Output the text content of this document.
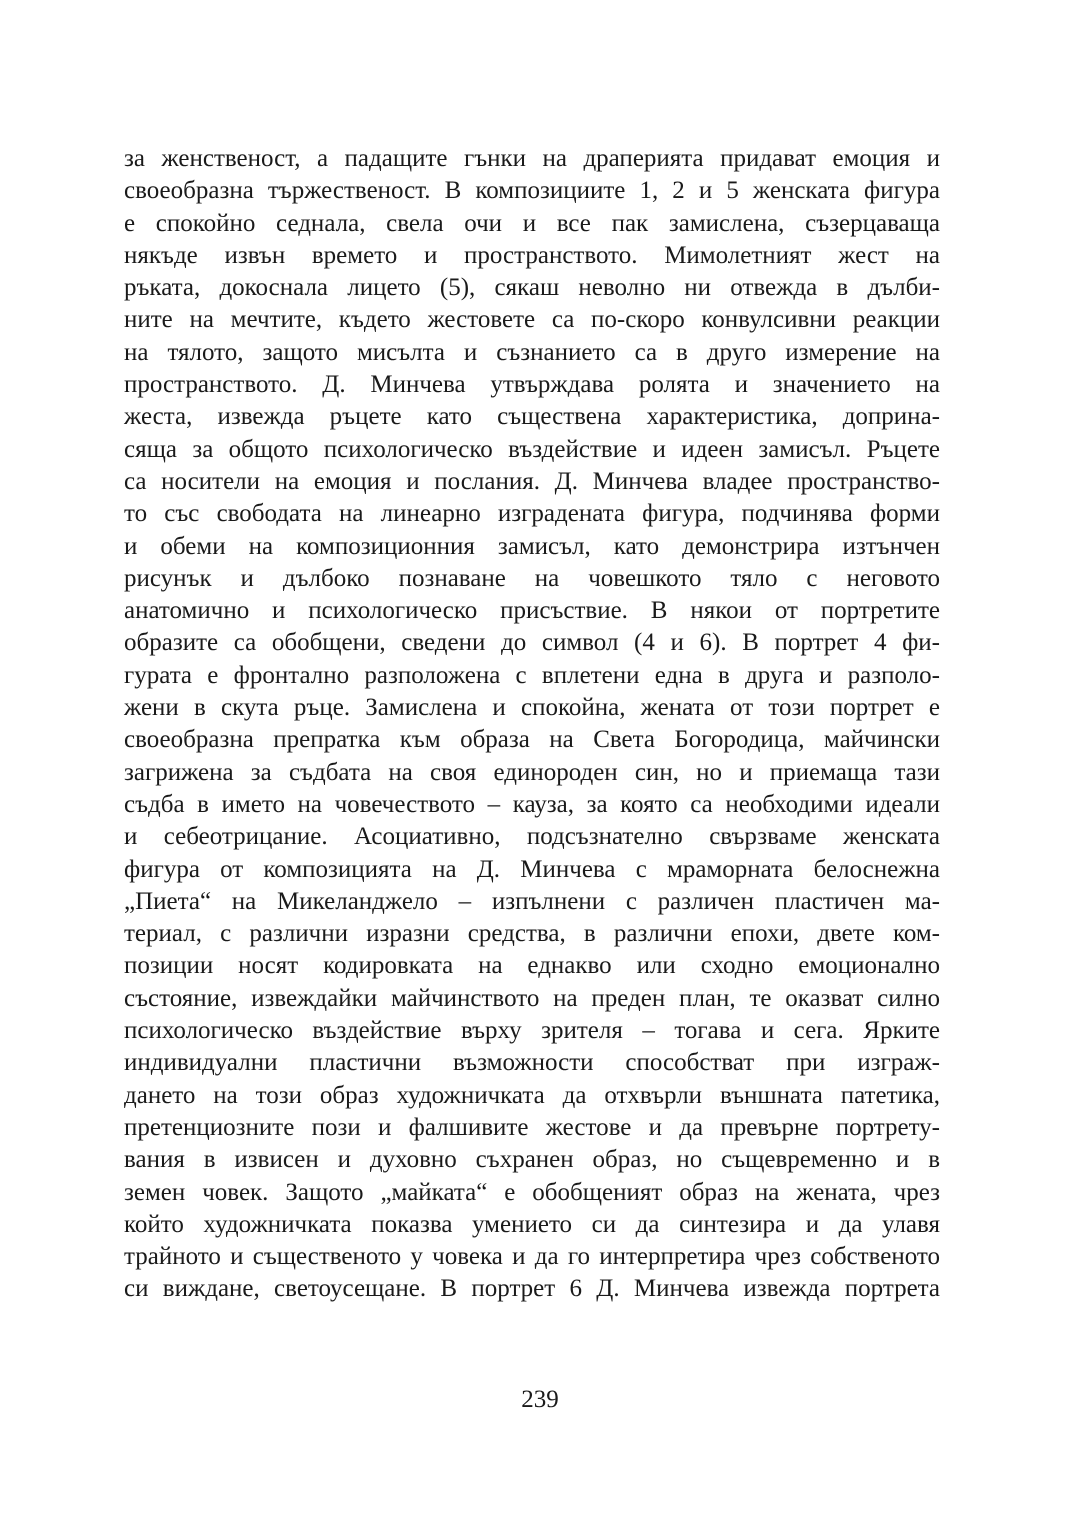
за женственост, а падащите гънки на драперията придават емоция и
своеобразна тържественост. В композициите 1, 2 и 5 женската фигура
е спокойно седнала, свела очи и все пак замислена, съзерцаваща
някъде извън времето и пространството. Мимолетният жест на
ръката, докоснала лицето (5), сякаш неволно ни отвежда в дълби-
ните на мечтите, където жестовете са по-скоро конвулсивни реакции
на тялото, защото мисълта и съзнанието са в друго измерение на
пространството. Д. Минчева утвърждава ролята и значението на
жеста, извежда ръцете като съществена характеристика, доприна-
сяща за общото психологическо въздействие и идеен замисъл. Ръцете
са носители на емоция и послания. Д. Минчева владее пространство-
то със свободата на линеарно изградената фигура, подчинява форми
и обеми на композиционния замисъл, като демонстрира изтънчен
рисунък и дълбоко познаване на човешкото тяло с неговото
анатомично и психологическо присъствие. В някои от портретите
образите са обобщени, сведени до символ (4 и 6). В портрет 4 фи-
гурата е фронтално разположена с вплетени една в друга и разполо-
жени в скута ръце. Замислена и спокойна, жената от този портрет е
своеобразна препратка към образа на Света Богородица, майчински
загрижена за съдбата на своя единороден син, но и приемаща тази
съдба в името на човечеството – кауза, за която са необходими идеали
и себеотрицание. Асоциативно, подсъзнателно свързваме женската
фигура от композицията на Д. Минчева с мраморната белоснежна
„Пиета“ на Микеланджело – изпълнени с различен пластичен ма-
териал, с различни изразни средства, в различни епохи, двете ком-
позиции носят кодировката на еднакво или сходно емоционално
състояние, извеждайки майчинството на преден план, те оказват силно
психологическо въздействие върху зрителя – тогава и сега. Ярките
индивидуални пластични възможности способстват при изграж-
дането на този образ художничката да отхвърли външната патетика,
претенциозните пози и фалшивите жестове и да превърне портрету-
вания в извисен и духовно съхранен образ, но същевременно и в
земен човек. Защото „майката“ е обобщеният образ на жената, чрез
който художничката показва умението си да синтезира и да улавя
трайното и същественото у човека и да го интерпретира чрез собственото
си виждане, светоусещане. В портрет 6 Д. Минчева извежда портрета
239
